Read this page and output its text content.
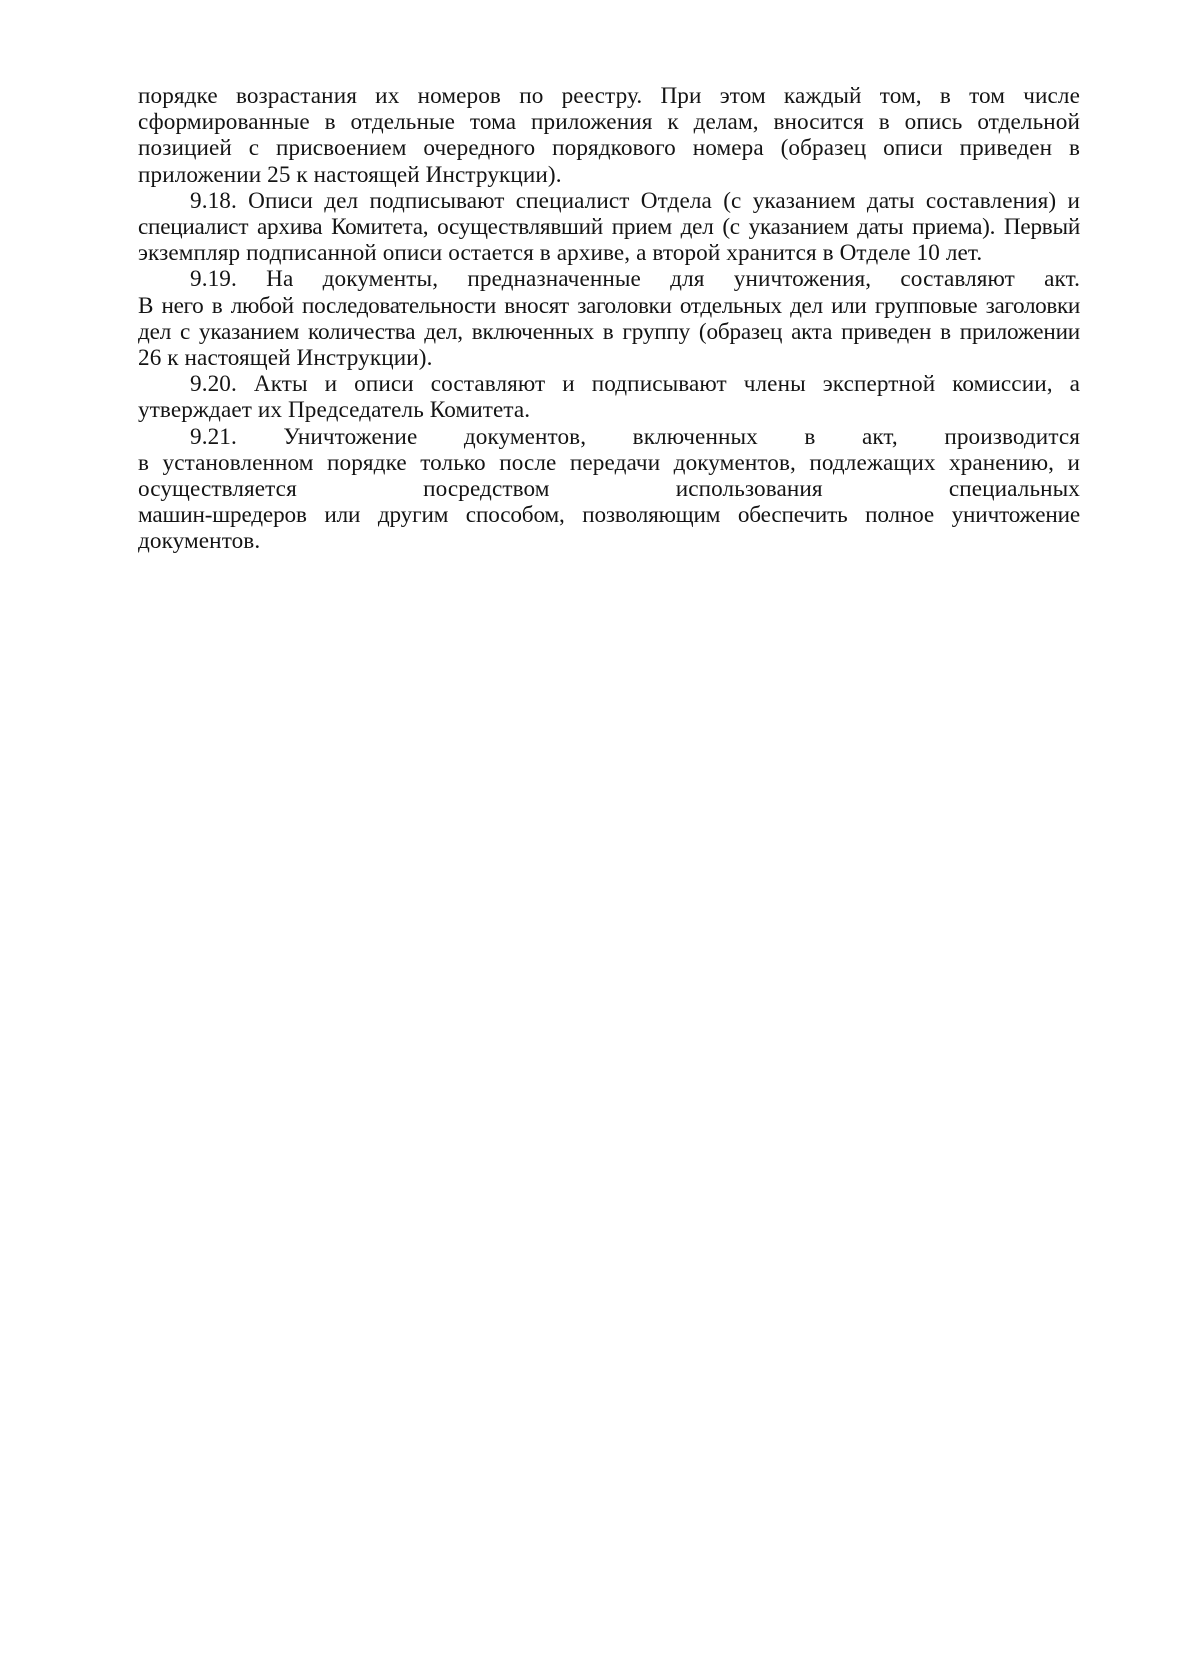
порядке возрастания их номеров по реестру. При этом каждый том, в том числе
сформированные в отдельные тома приложения к делам, вносится в опись отдельной
позицией с присвоением очередного порядкового номера (образец описи приведен в
приложении 25 к настоящей Инструкции).

9.18. Описи дел подписывают специалист Отдела (с указанием даты составления) и
специалист архива Комитета, осуществлявший прием дел (с указанием даты приема). Первый
экземпляр подписанной описи остается в архиве, а второй хранится в Отделе 10 лет.

9.19. На документы, предназначенные для уничтожения, составляют акт.
В него в любой последовательности вносят заголовки отдельных дел или групповые заголовки
дел с указанием количества дел, включенных в группу (образец акта приведен в приложении
26 к настоящей Инструкции).

9.20. Акты и описи составляют и подписывают члены экспертной комиссии, а
утверждает их Председатель Комитета.

9.21. Уничтожение документов, включенных в акт, производится
в установленном порядке только после передачи документов, подлежащих хранению, и
осуществляется посредством использования специальных
машин-шредеров или другим способом, позволяющим обеспечить полное уничтожение
документов.
